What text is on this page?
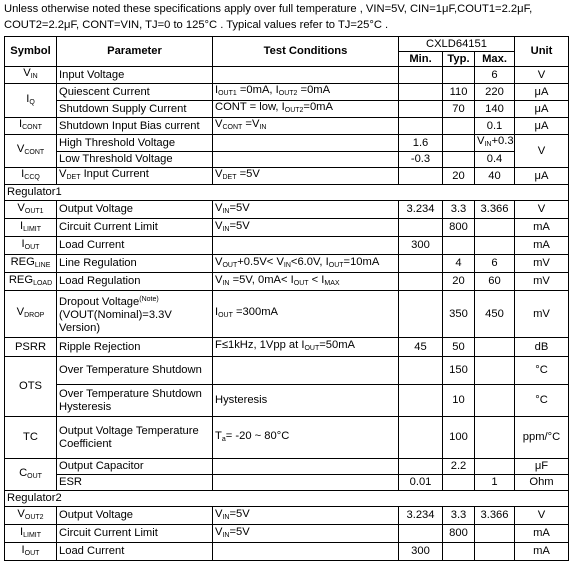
Unless otherwise noted these specifications apply over full temperature , VIN=5V, CIN=1μF,COUT1=2.2μF,
COUT2=2.2μF, CONT=VIN, TJ=0 to 125°C . Typical values refer to TJ=25°C .
Symbol	Parameter	Test Conditions	CXLD64151			Unit
			Min.	Typ.	Max.	
$V_{IN}$	Input Voltage				6	V
$I_Q$	Quiescent Current	$I_{OUT1} =0mA$, $I_{OUT2} =0mA$		110	220	μA
	Shutdown Supply Current	CONT = low, $I_{OUT2}=0mA$		70	140	μA
$I_{CONT}$	Shutdown Input Bias current	$V_{CONT} =V_{IN}$			0.1	μA
$V_{CONT}$	High Threshold Voltage		1.6		$V_{IN}+0.3$	V
	Low Threshold Voltage		-0.3		0.4	
$I_{CCQ}$	$V_{DET}$ Input Current	$V_{DET} =5V$		20	40	μA
Regulator1						
$V_{OUT1}$	Output Voltage	$V_{IN}=5V$	3.234	3.3	3.366	V
$I_{LIMIT}$	Circuit Current Limit	$V_{IN}=5V$		800		mA
$I_{OUT}$	Load Current		300			mA
$REG_{LINE}$	Line Regulation	$V_{OUT}+0.5V< V_{IN}<6.0V$, $I_{OUT}=10mA$		4	6	mV
$REG_{LOAD}$	Load Regulation	$V_{IN} =5V$, $0mA< I_{OUT} < I_{MAX}$		20	60	mV
$V_{DROP}$	Dropout Voltage$^{(Note)}$
(VOUT(Nominal)=3.3V
Version)	$I_{OUT} =300mA$		350	450	mV
PSRR	Ripple Rejection	F≤1kHz, 1Vpp at $I_{OUT}=50mA$	45	50		dB
OTS	Over Temperature Shutdown			150		°C
	Over Temperature Shutdown
Hysteresis	Hysteresis		10		°C
TC	Output Voltage Temperature
Coefficient	$T_a= -20$ ~ 80°C		100		ppm/°C
$C_{OUT}$	Output Capacitor			2.2		μF
	ESR		0.01		1	Ohm
Regulator2						
$V_{OUT2}$	Output Voltage	$V_{IN}=5V$	3.234	3.3	3.366	V
$I_{LIMIT}$	Circuit Current Limit	$V_{IN}=5V$		800		mA
$I_{OUT}$	Load Current		300			mA
